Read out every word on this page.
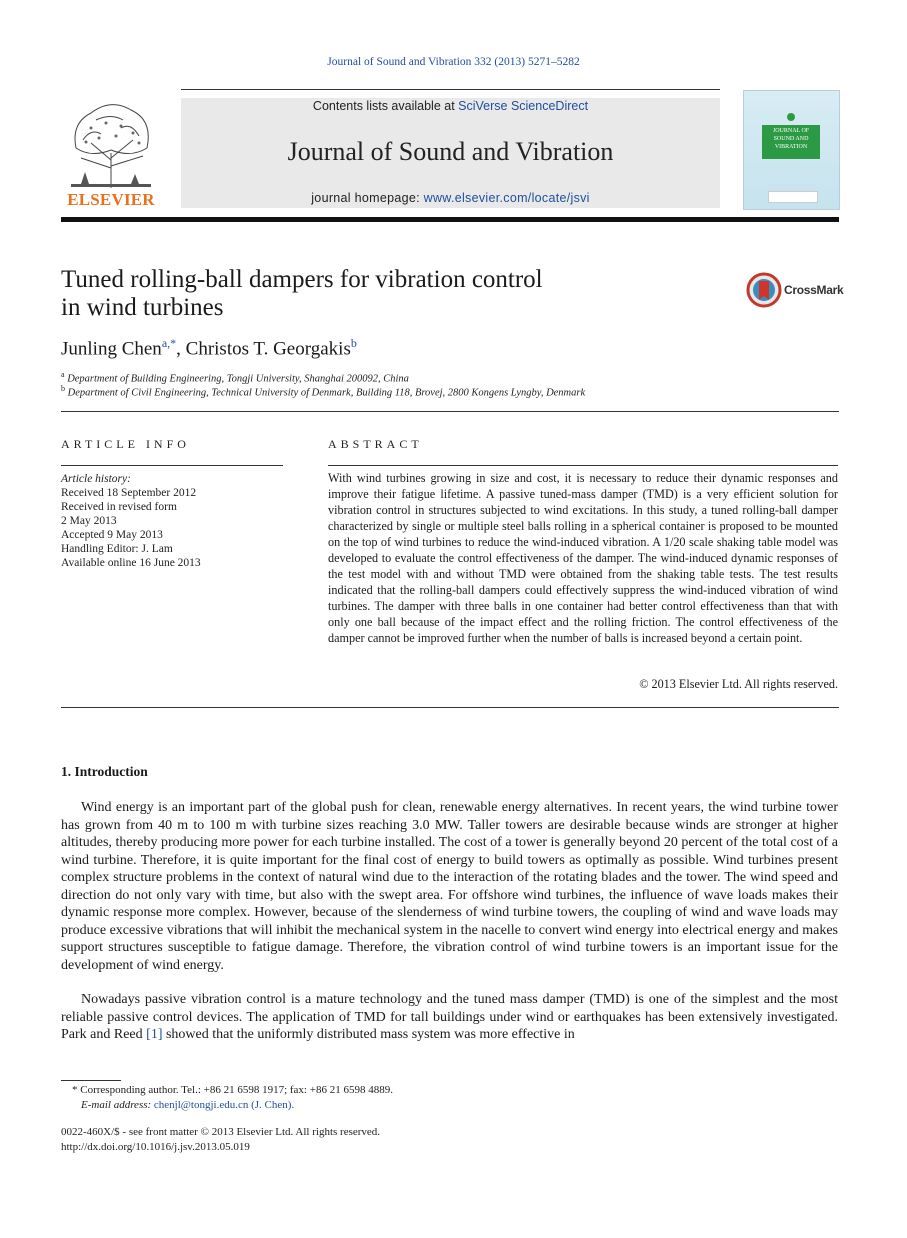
Journal of Sound and Vibration 332 (2013) 5271–5282
ELSEVIER
Contents lists available at SciVerse ScienceDirect
Journal of Sound and Vibration
journal homepage: www.elsevier.com/locate/jsvi
JOURNAL OF SOUND AND VIBRATION
Tuned rolling-ball dampers for vibration control
in wind turbines
CrossMark
Junling Chen$^{a,*}$, Christos T. Georgakis$^b$
$^a$ Department of Building Engineering, Tongji University, Shanghai 200092, China
$^b$ Department of Civil Engineering, Technical University of Denmark, Building 118, Brovej, 2800 Kongens Lyngby, Denmark
ARTICLE INFO
Article history:
Received 18 September 2012
Received in revised form
2 May 2013
Accepted 9 May 2013
Handling Editor: J. Lam
Available online 16 June 2013
ABSTRACT
With wind turbines growing in size and cost, it is necessary to reduce their dynamic responses and improve their fatigue lifetime. A passive tuned-mass damper (TMD) is a very efficient solution for vibration control in structures subjected to wind excitations. In this study, a tuned rolling-ball damper characterized by single or multiple steel balls rolling in a spherical container is proposed to be mounted on the top of wind turbines to reduce the wind-induced vibration. A 1/20 scale shaking table model was developed to evaluate the control effectiveness of the damper. The wind-induced dynamic responses of the test model with and without TMD were obtained from the shaking table tests. The test results indicated that the rolling-ball dampers could effectively suppress the wind-induced vibration of wind turbines. The damper with three balls in one container had better control effectiveness than that with only one ball because of the impact effect and the rolling friction. The control effectiveness of the damper cannot be improved further when the number of balls is increased beyond a certain point.
© 2013 Elsevier Ltd. All rights reserved.
1. Introduction
Wind energy is an important part of the global push for clean, renewable energy alternatives. In recent years, the wind turbine tower has grown from 40 m to 100 m with turbine sizes reaching 3.0 MW. Taller towers are desirable because winds are stronger at higher altitudes, thereby producing more power for each turbine installed. The cost of a tower is generally beyond 20 percent of the total cost of a wind turbine. Therefore, it is quite important for the final cost of energy to build towers as optimally as possible. Wind turbines present complex structure problems in the context of natural wind due to the interaction of the rotating blades and the tower. The wind speed and direction do not only vary with time, but also with the swept area. For offshore wind turbines, the influence of wave loads makes their dynamic response more complex. However, because of the slenderness of wind turbine towers, the coupling of wind and wave loads may produce excessive vibrations that will inhibit the mechanical system in the nacelle to convert wind energy into electrical energy and makes support structures susceptible to fatigue damage. Therefore, the vibration control of wind turbine towers is an important issue for the development of wind energy.
Nowadays passive vibration control is a mature technology and the tuned mass damper (TMD) is one of the simplest and the most reliable passive control devices. The application of TMD for tall buildings under wind or earthquakes has been extensively investigated. Park and Reed [1] showed that the uniformly distributed mass system was more effective in
* Corresponding author. Tel.: +86 21 6598 1917; fax: +86 21 6598 4889.
E-mail address: chenjl@tongji.edu.cn (J. Chen).
0022-460X/$ - see front matter © 2013 Elsevier Ltd. All rights reserved.
http://dx.doi.org/10.1016/j.jsv.2013.05.019
